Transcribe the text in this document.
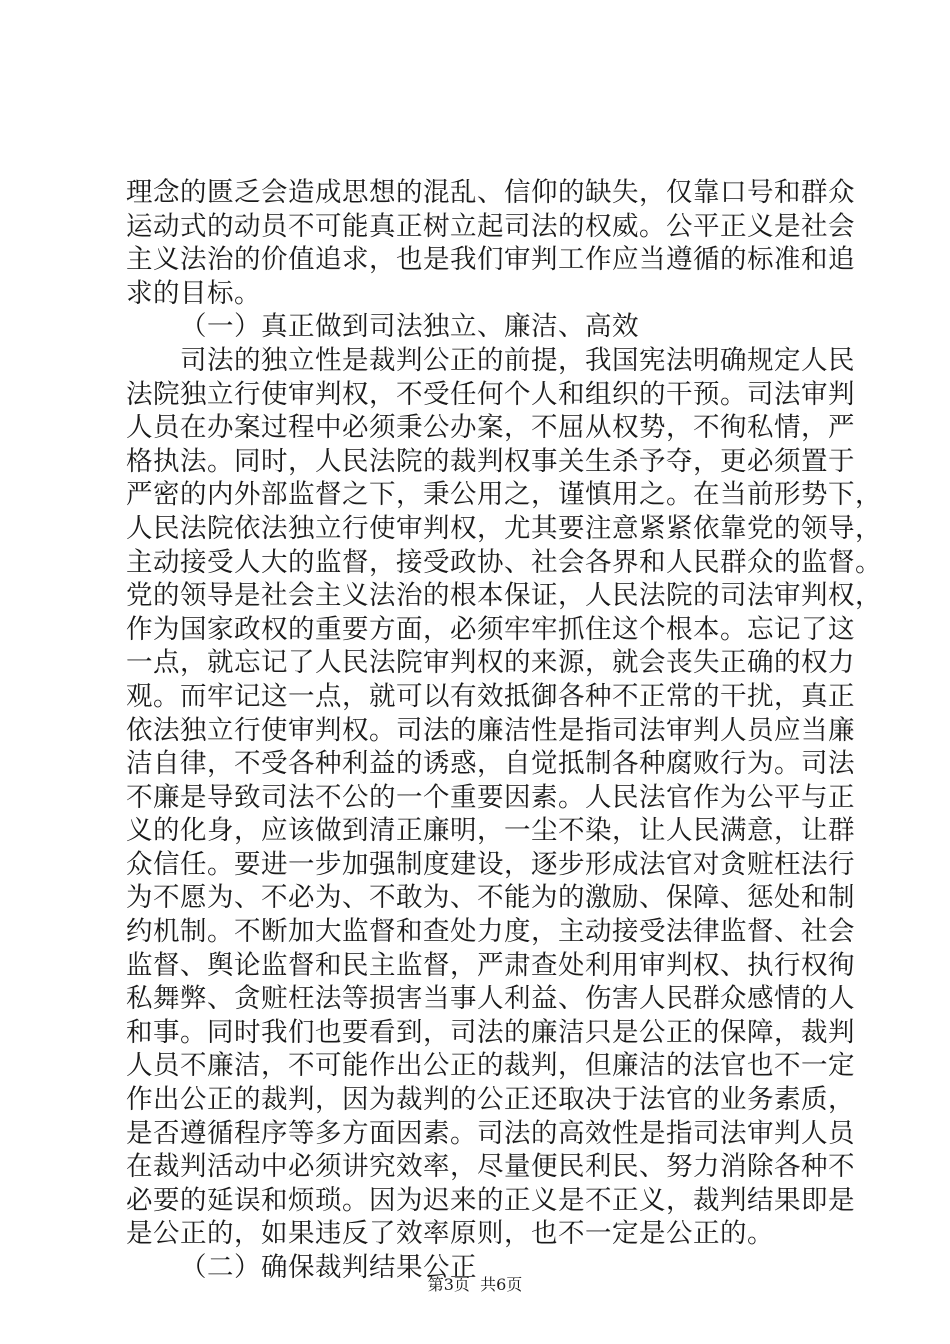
理念的匮乏会造成思想的混乱、信仰的缺失，仅靠口号和群众
运动式的动员不可能真正树立起司法的权威。公平正义是社会
主义法治的价值追求，也是我们审判工作应当遵循的标准和追
求的目标。
（一）真正做到司法独立、廉洁、高效
司法的独立性是裁判公正的前提，我国宪法明确规定人民
法院独立行使审判权，不受任何个人和组织的干预。司法审判
人员在办案过程中必须秉公办案，不屈从权势，不徇私情，严
格执法。同时，人民法院的裁判权事关生杀予夺，更必须置于
严密的内外部监督之下，秉公用之，谨慎用之。在当前形势下，
人民法院依法独立行使审判权，尤其要注意紧紧依靠党的领导，
主动接受人大的监督，接受政协、社会各界和人民群众的监督。
党的领导是社会主义法治的根本保证，人民法院的司法审判权，
作为国家政权的重要方面，必须牢牢抓住这个根本。忘记了这
一点，就忘记了人民法院审判权的来源，就会丧失正确的权力
观。而牢记这一点，就可以有效抵御各种不正常的干扰，真正
依法独立行使审判权。司法的廉洁性是指司法审判人员应当廉
洁自律，不受各种利益的诱惑，自觉抵制各种腐败行为。司法
不廉是导致司法不公的一个重要因素。人民法官作为公平与正
义的化身，应该做到清正廉明，一尘不染，让人民满意，让群
众信任。要进一步加强制度建设，逐步形成法官对贪赃枉法行
为不愿为、不必为、不敢为、不能为的激励、保障、惩处和制
约机制。不断加大监督和查处力度，主动接受法律监督、社会
监督、舆论监督和民主监督，严肃查处利用审判权、执行权徇
私舞弊、贪赃枉法等损害当事人利益、伤害人民群众感情的人
和事。同时我们也要看到，司法的廉洁只是公正的保障，裁判
人员不廉洁，不可能作出公正的裁判，但廉洁的法官也不一定
作出公正的裁判，因为裁判的公正还取决于法官的业务素质，
是否遵循程序等多方面因素。司法的高效性是指司法审判人员
在裁判活动中必须讲究效率，尽量便民利民、努力消除各种不
必要的延误和烦琐。因为迟来的正义是不正义，裁判结果即是
是公正的，如果违反了效率原则，也不一定是公正的。
（二）确保裁判结果公正
第3页  共6页
